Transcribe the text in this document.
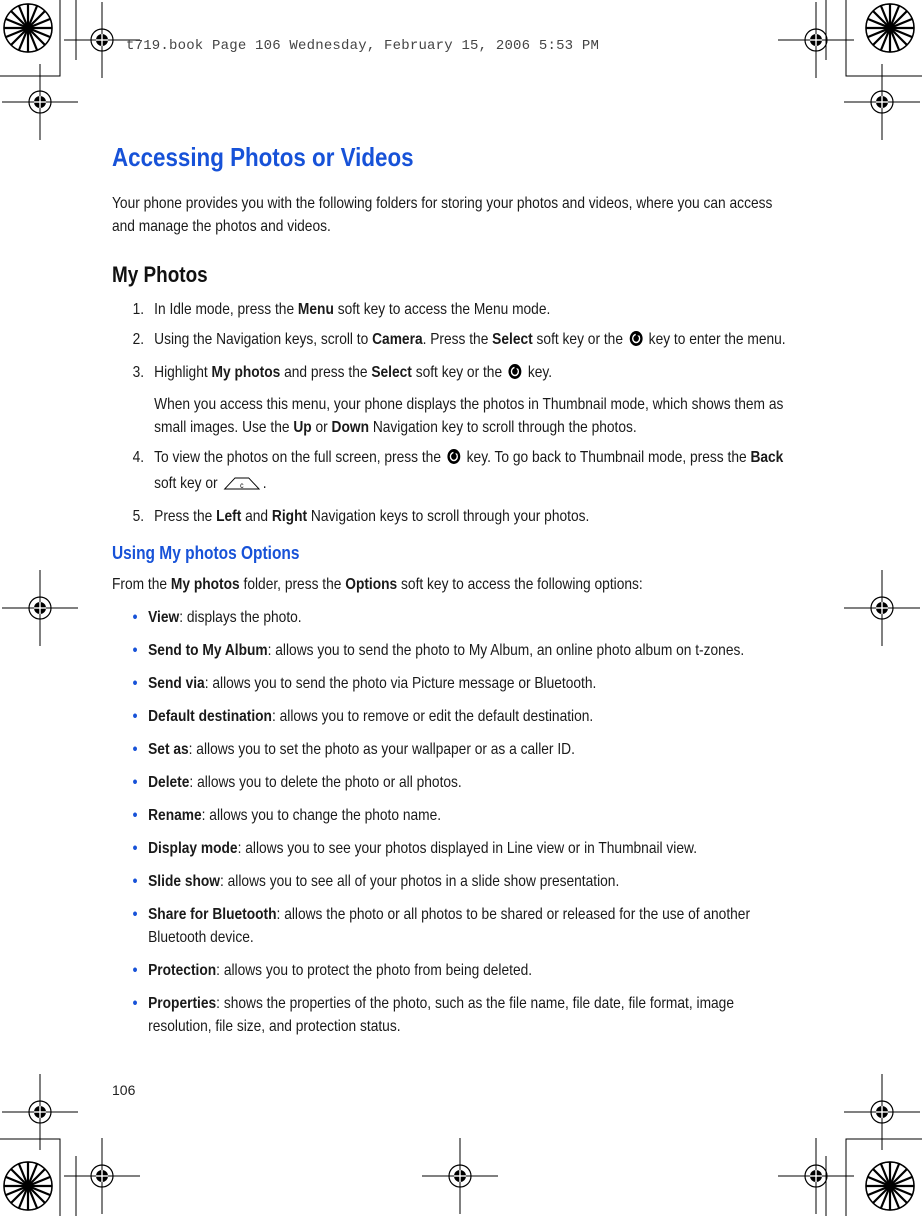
t719.book Page 106 Wednesday, February 15, 2006 5:53 PM
Accessing Photos or Videos

Your phone provides you with the following folders for storing your photos and videos, where you can access and manage the photos and videos.

My Photos
1. In Idle mode, press the Menu soft key to access the Menu mode.
2. Using the Navigation keys, scroll to Camera. Press the Select soft key or the  key to enter the menu.
3. Highlight My photos and press the Select soft key or the  key.

When you access this menu, your phone displays the photos in Thumbnail mode, which shows them as small images. Use the Up or Down Navigation key to scroll through the photos.

4. To view the photos on the full screen, press the  key. To go back to Thumbnail mode, press the Back soft key or c .
5. Press the Left and Right Navigation keys to scroll through your photos.
Using My photos Options

From the My photos folder, press the Options soft key to access the following options:

• View: displays the photo.
• Send to My Album: allows you to send the photo to My Album, an online photo album on t-zones.
• Send via: allows you to send the photo via Picture message or Bluetooth.
• Default destination: allows you to remove or edit the default destination.
• Set as: allows you to set the photo as your wallpaper or as a caller ID.
• Delete: allows you to delete the photo or all photos.
• Rename: allows you to change the photo name.
• Display mode: allows you to see your photos displayed in Line view or in Thumbnail view.
• Slide show: allows you to see all of your photos in a slide show presentation.
• Share for Bluetooth: allows the photo or all photos to be shared or released for the use of another Bluetooth device.
• Protection: allows you to protect the photo from being deleted.
• Properties: shows the properties of the photo, such as the file name, file date, file format, image resolution, file size, and protection status.
106
